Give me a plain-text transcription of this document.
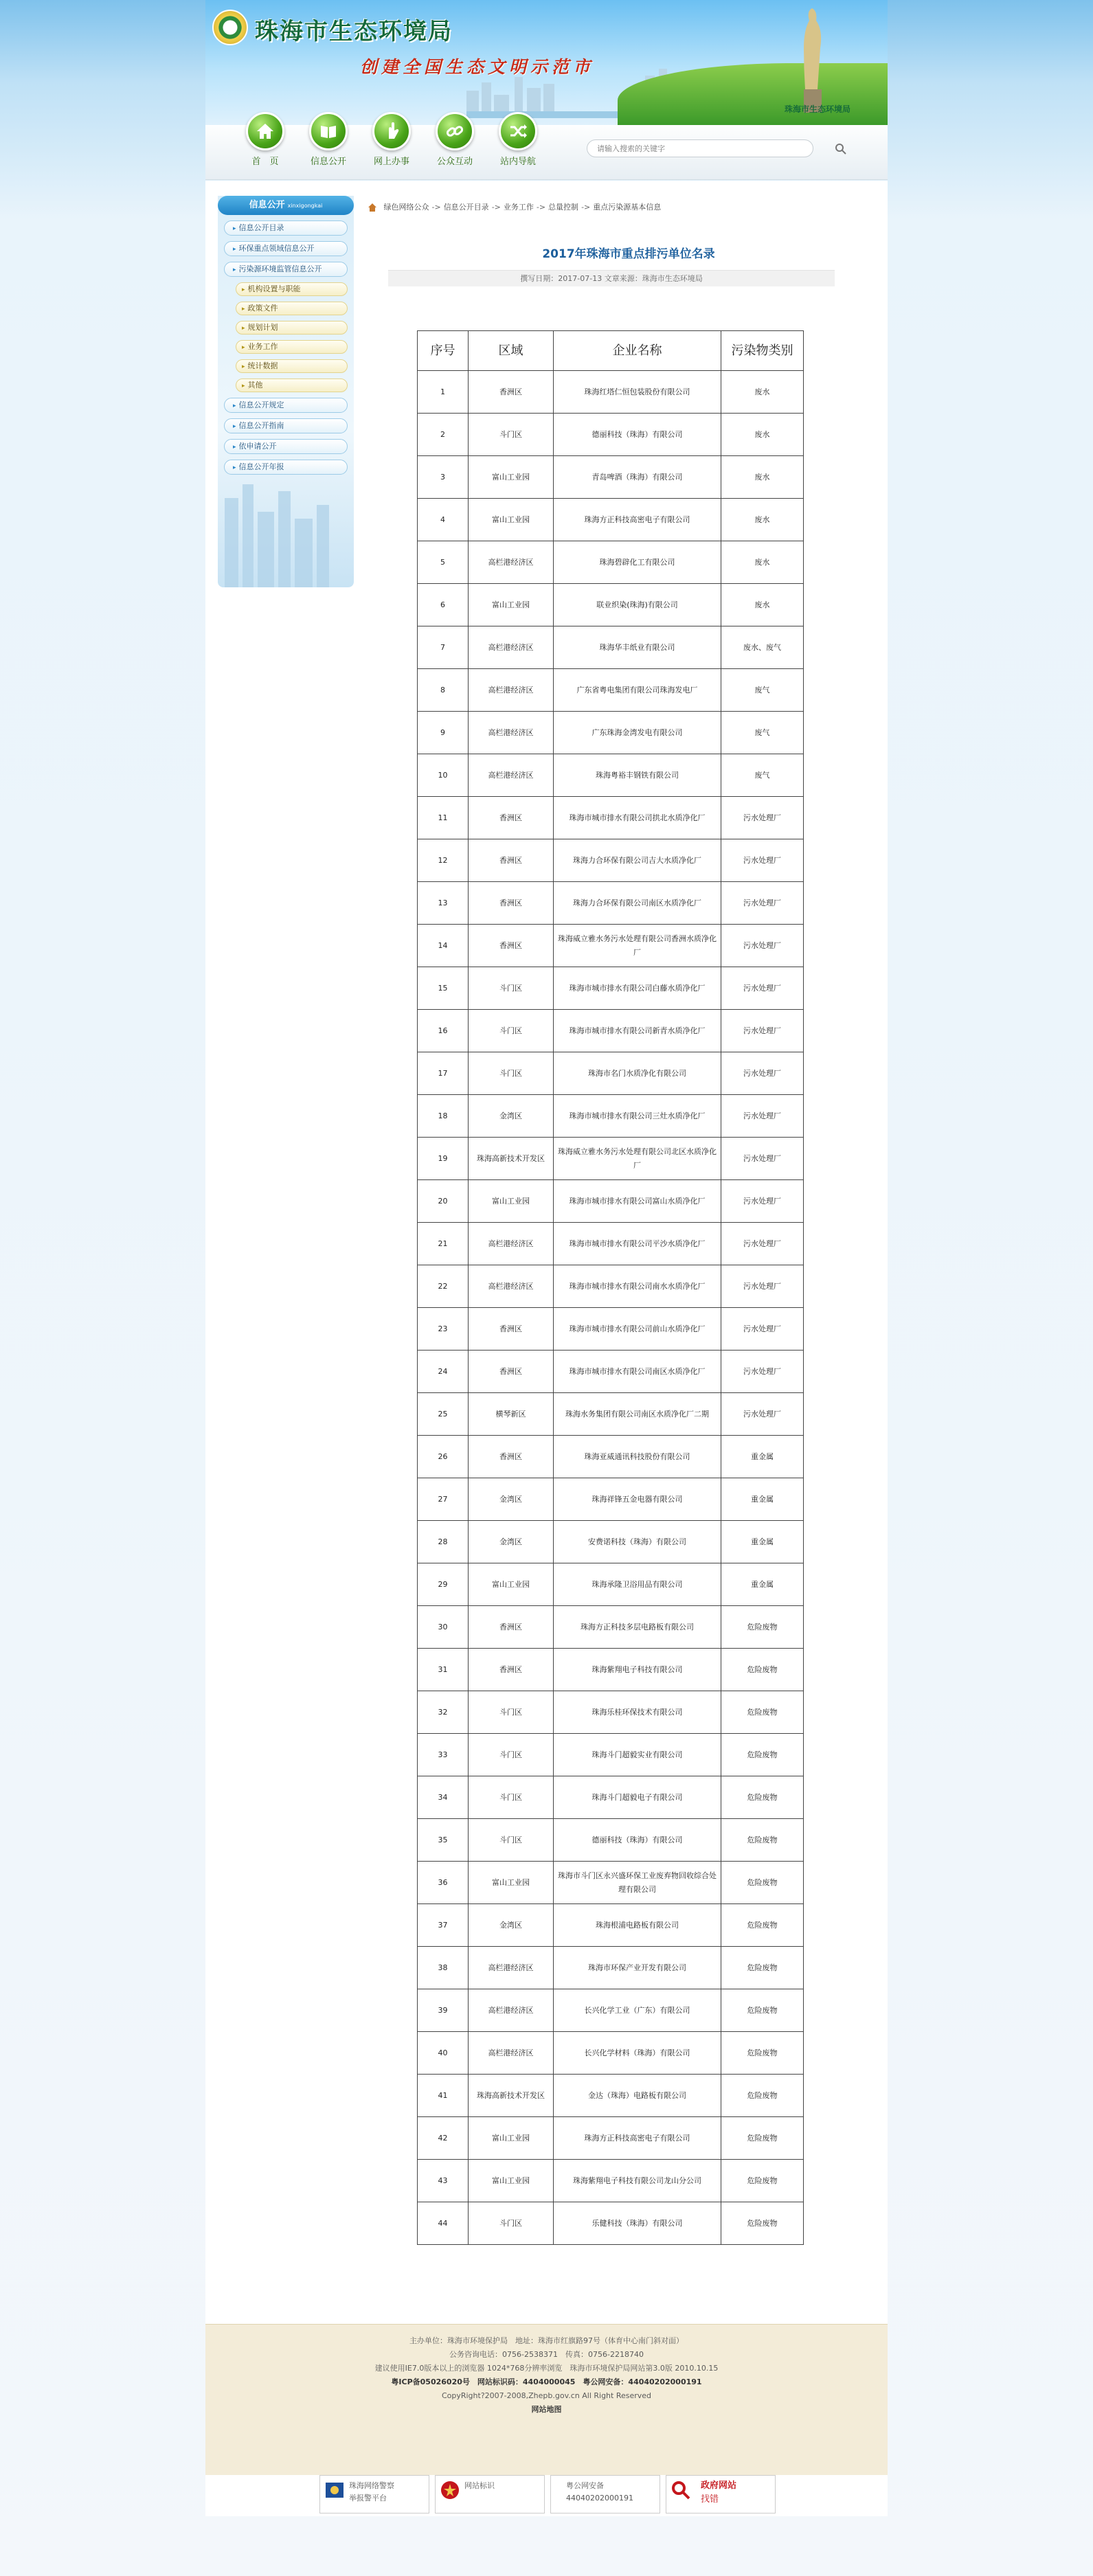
珠海市生态环境局
创建全国生态文明示范市
珠海市生态环境局
首　页	信息公开	网上办事	公众互动	站内导航
请输入搜索的关键字
信息公开 xinxigongkai
▸ 信息公开目录
▸ 环保重点领域信息公开
▸ 污染源环境监管信息公开
▸ 机构设置与职能
▸ 政策文件
▸ 规划计划
▸ 业务工作
▸ 统计数据
▸ 其他
▸ 信息公开规定
▸ 信息公开指南
▸ 依申请公开
▸ 信息公开年报
绿色网络公众 -> 信息公开目录 -> 业务工作 -> 总量控制 -> 重点污染源基本信息
2017年珠海市重点排污单位名录
撰写日期：2017-07-13 文章来源：珠海市生态环境局
序号	区域	企业名称	污染物类别
1	香洲区	珠海红塔仁恒包装股份有限公司	废水
2	斗门区	德丽科技（珠海）有限公司	废水
3	富山工业园	青岛啤酒（珠海）有限公司	废水
4	富山工业园	珠海方正科技高密电子有限公司	废水
5	高栏港经济区	珠海碧辟化工有限公司	废水
6	富山工业园	联业织染(珠海)有限公司	废水
7	高栏港经济区	珠海华丰纸业有限公司	废水、废气
8	高栏港经济区	广东省粤电集团有限公司珠海发电厂	废气
9	高栏港经济区	广东珠海金湾发电有限公司	废气
10	高栏港经济区	珠海粤裕丰钢铁有限公司	废气
11	香洲区	珠海市城市排水有限公司拱北水质净化厂	污水处理厂
12	香洲区	珠海力合环保有限公司吉大水质净化厂	污水处理厂
13	香洲区	珠海力合环保有限公司南区水质净化厂	污水处理厂
14	香洲区	珠海威立雅水务污水处理有限公司香洲水质净化厂	污水处理厂
15	斗门区	珠海市城市排水有限公司白藤水质净化厂	污水处理厂
16	斗门区	珠海市城市排水有限公司新青水质净化厂	污水处理厂
17	斗门区	珠海市名门水质净化有限公司	污水处理厂
18	金湾区	珠海市城市排水有限公司三灶水质净化厂	污水处理厂
19	珠海高新技术开发区	珠海威立雅水务污水处理有限公司北区水质净化厂	污水处理厂
20	富山工业园	珠海市城市排水有限公司富山水质净化厂	污水处理厂
21	高栏港经济区	珠海市城市排水有限公司平沙水质净化厂	污水处理厂
22	高栏港经济区	珠海市城市排水有限公司南水水质净化厂	污水处理厂
23	香洲区	珠海市城市排水有限公司前山水质净化厂	污水处理厂
24	香洲区	珠海市城市排水有限公司南区水质净化厂	污水处理厂
25	横琴新区	珠海水务集团有限公司南区水质净化厂二期	污水处理厂
26	香洲区	珠海亚威通讯科技股份有限公司	重金属
27	金湾区	珠海祥锋五金电器有限公司	重金属
28	金湾区	安费诺科技（珠海）有限公司	重金属
29	富山工业园	珠海承隆卫浴用品有限公司	重金属
30	香洲区	珠海方正科技多层电路板有限公司	危险废物
31	香洲区	珠海紫翔电子科技有限公司	危险废物
32	斗门区	珠海乐桂环保技术有限公司	危险废物
33	斗门区	珠海斗门超毅实业有限公司	危险废物
34	斗门区	珠海斗门超毅电子有限公司	危险废物
35	斗门区	德丽科技（珠海）有限公司	危险废物
36	富山工业园	珠海市斗门区永兴盛环保工业废弃物回收综合处理有限公司	危险废物
37	金湾区	珠海根浦电路板有限公司	危险废物
38	高栏港经济区	珠海市环保产业开发有限公司	危险废物
39	高栏港经济区	长兴化学工业（广东）有限公司	危险废物
40	高栏港经济区	长兴化学材料（珠海）有限公司	危险废物
41	珠海高新技术开发区	金达（珠海）电路板有限公司	危险废物
42	富山工业园	珠海方正科技高密电子有限公司	危险废物
43	富山工业园	珠海紫翔电子科技有限公司龙山分公司	危险废物
44	斗门区	乐健科技（珠海）有限公司	危险废物

主办单位：珠海市环境保护局　地址：珠海市红旗路97号（体育中心南门斜对面）

公务咨询电话：0756-2538371　传真：0756-2218740

建议使用IE7.0版本以上的浏览器 1024*768分辨率浏览　珠海市环境保护局网站第3.0版 2010.10.15

粤ICP备05026020号　网站标识码：4404000045　粤公网安备：44040202000191

CopyRight?2007-2008,Zhepb.gov.cn All Right Reserved

网站地图

珠海网络警察
举报警平台
网站标识	粤公网安备
44040202000191
政府网站
找错
